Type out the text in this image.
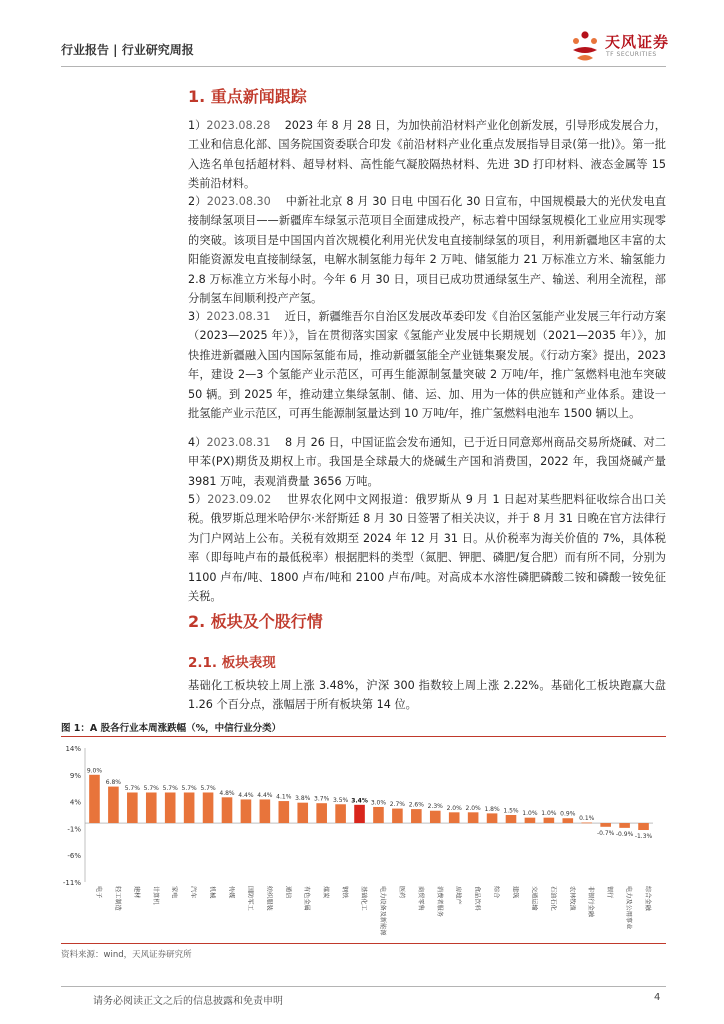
行业报告 | 行业研究周报	天风证券
TF SECURITIES
1. 重点新闻跟踪
1）2023.08.28 2023 年 8 月 28 日，为加快前沿材料产业化创新发展，引导形成发展合力，工业和信息化部、国务院国资委联合印发《前沿材料产业化重点发展指导目录(第一批)》。第一批入选名单包括超材料、超导材料、高性能气凝胶隔热材料、先进 3D 打印材料、液态金属等 15 类前沿材料。
2）2023.08.30 中新社北京 8 月 30 日电 中国石化 30 日宣布，中国规模最大的光伏发电直接制绿氢项目——新疆库车绿氢示范项目全面建成投产，标志着中国绿氢规模化工业应用实现零的突破。该项目是中国国内首次规模化利用光伏发电直接制绿氢的项目，利用新疆地区丰富的太阳能资源发电直接制绿氢，电解水制氢能力每年 2 万吨、储氢能力 21 万标准立方米、输氢能力 2.8 万标准立方米每小时。今年 6 月 30 日，项目已成功贯通绿氢生产、输送、利用全流程，部分制氢车间顺利投产产氢。
3）2023.08.31 近日，新疆维吾尔自治区发展改革委印发《自治区氢能产业发展三年行动方案（2023—2025 年）》，旨在贯彻落实国家《氢能产业发展中长期规划（2021—2035 年）》，加快推进新疆融入国内国际氢能布局，推动新疆氢能全产业链集聚发展。《行动方案》提出，2023 年，建设 2—3 个氢能产业示范区，可再生能源制氢量突破 2 万吨/年，推广氢燃料电池车突破 50 辆。到 2025 年，推动建立集绿氢制、储、运、加、用为一体的供应链和产业体系。建设一批氢能产业示范区，可再生能源制氢量达到 10 万吨/年，推广氢燃料电池车 1500 辆以上。
4）2023.08.31 8 月 26 日，中国证监会发布通知，已于近日同意郑州商品交易所烧碱、对二甲苯(PX)期货及期权上市。我国是全球最大的烧碱生产国和消费国，2022 年，我国烧碱产量 3981 万吨，表观消费量 3656 万吨。
5）2023.09.02 世界农化网中文网报道：俄罗斯从 9 月 1 日起对某些肥料征收综合出口关税。俄罗斯总理米哈伊尔·米舒斯廷 8 月 30 日签署了相关决议，并于 8 月 31 日晚在官方法律行为门户网站上公布。关税有效期至 2024 年 12 月 31 日。从价税率为海关价值的 7%，具体税率（即每吨卢布的最低税率）根据肥料的类型（氮肥、钾肥、磷肥/复合肥）而有所不同，分别为 1100 卢布/吨、1800 卢布/吨和 2100 卢布/吨。对高成本水溶性磷肥磷酸二铵和磷酸一铵免征关税。
2. 板块及个股行情
2.1. 板块表现
基础化工板块较上周上涨 3.48%，沪深 300 指数较上周上涨 2.22%。基础化工板块跑赢大盘 1.26 个百分点，涨幅居于所有板块第 14 位。
图 1：A 股各行业本周涨跌幅（%，中信行业分类）
14%
9%
4%
-1%
-6%
-11%
9.0%
电子
6.8%
轻工制造
5.7%
建材
5.7%
计算机
5.7%
家电
5.7%
汽车
5.7%
机械
4.8%
传媒
4.4%
国防军工
4.4%
纺织服装
4.1%
通信
3.8%
有色金属
3.7%
煤炭
3.5%
钢铁
3.4%
基础化工
3.0%
电力设备及新能源
2.7%
医药
2.6%
商贸零售
2.3%
消费者服务
2.0%
房地产
2.0%
食品饮料
1.8%
综合
1.5%
建筑
1.0%
交通运输
1.0%
石油石化
0.9%
农林牧渔
0.1%
非银行金融
-0.7%
银行
-0.9%
电力及公用事业
-1.3%
综合金融
资料来源：wind，天风证券研究所
请务必阅读正文之后的信息披露和免责申明	4
